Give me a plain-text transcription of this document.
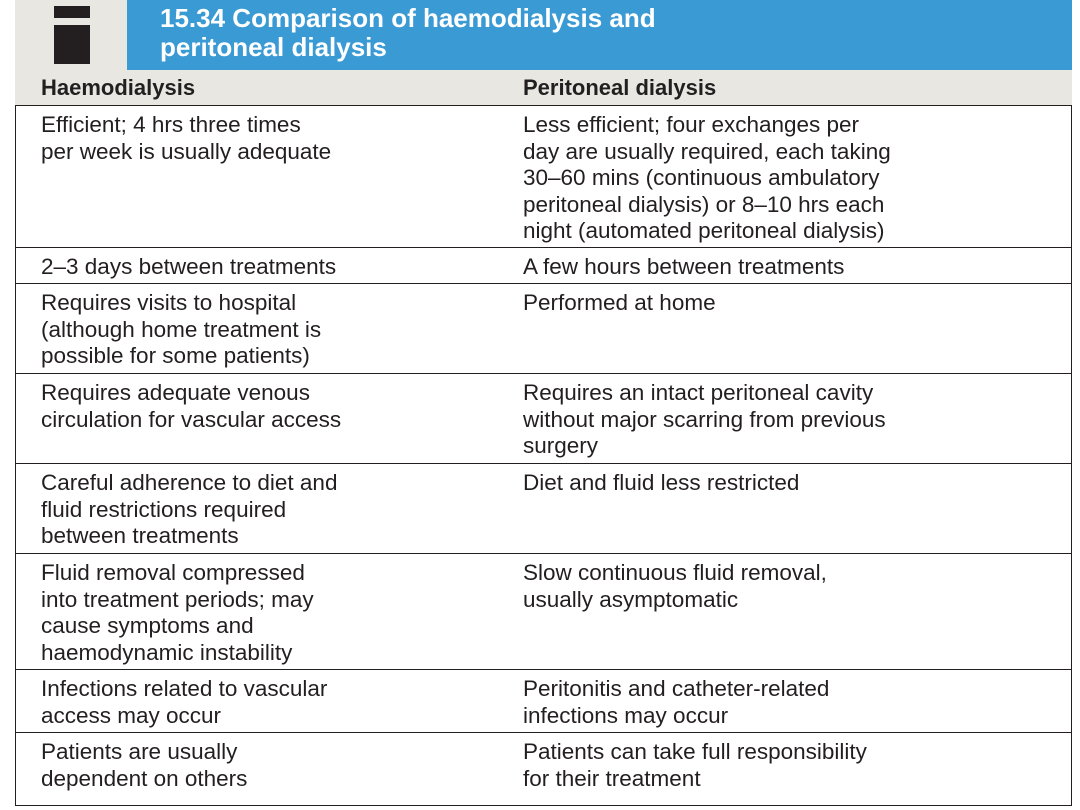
15.34 Comparison of haemodialysis and
peritoneal dialysis
Haemodialysis	Peritoneal dialysis
Efficient; 4 hrs three times
per week is usually adequate
Less efficient; four exchanges per
day are usually required, each taking
30–60 mins (continuous ambulatory
peritoneal dialysis) or 8–10 hrs each
night (automated peritoneal dialysis)
2–3 days between treatments	A few hours between treatments
Requires visits to hospital
(although home treatment is
possible for some patients)
Performed at home
Requires adequate venous
circulation for vascular access
Requires an intact peritoneal cavity
without major scarring from previous
surgery
Careful adherence to diet and
fluid restrictions required
between treatments
Diet and fluid less restricted
Fluid removal compressed
into treatment periods; may
cause symptoms and
haemodynamic instability
Slow continuous fluid removal,
usually asymptomatic
Infections related to vascular
access may occur
Peritonitis and catheter-related
infections may occur
Patients are usually
dependent on others
Patients can take full responsibility
for their treatment
